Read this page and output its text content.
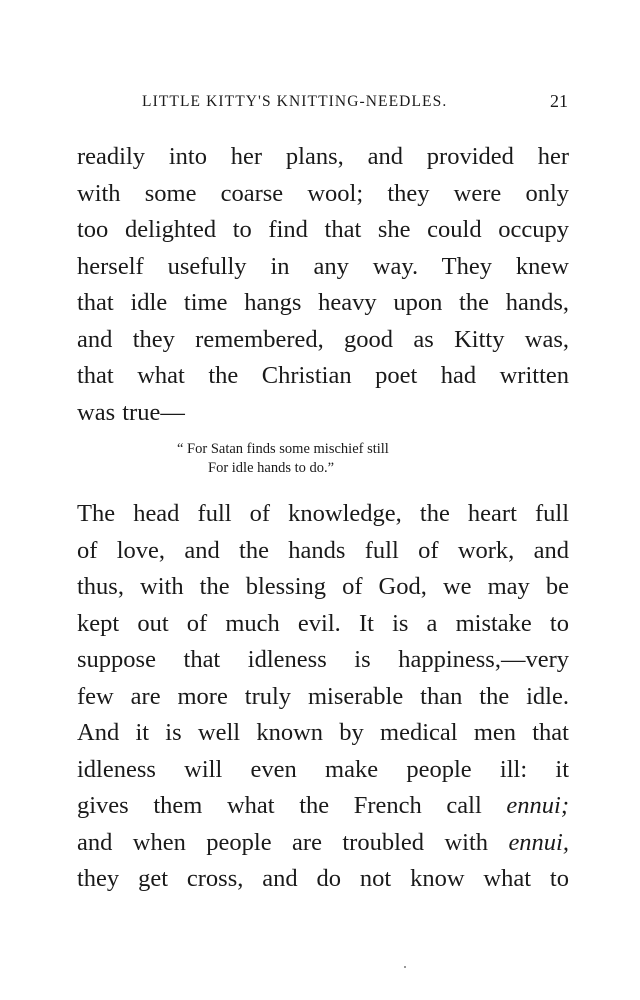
LITTLE KITTY'S KNITTING-NEEDLES.	21
readily into her plans, and provided her
with some coarse wool; they were only
too delighted to find that she could occupy
herself usefully in any way. They knew
that idle time hangs heavy upon the hands,
and they remembered, good as Kitty was,
that what the Christian poet had written
was true—
“ For Satan finds some mischief still
For idle hands to do.”
The head full of knowledge, the heart full
of love, and the hands full of work, and
thus, with the blessing of God, we may be
kept out of much evil. It is a mistake to
suppose that idleness is happiness,—very
few are more truly miserable than the idle.
And it is well known by medical men that
idleness will even make people ill: it
gives them what the French call ennui;
and when people are troubled with ennui,
they get cross, and do not know what to
